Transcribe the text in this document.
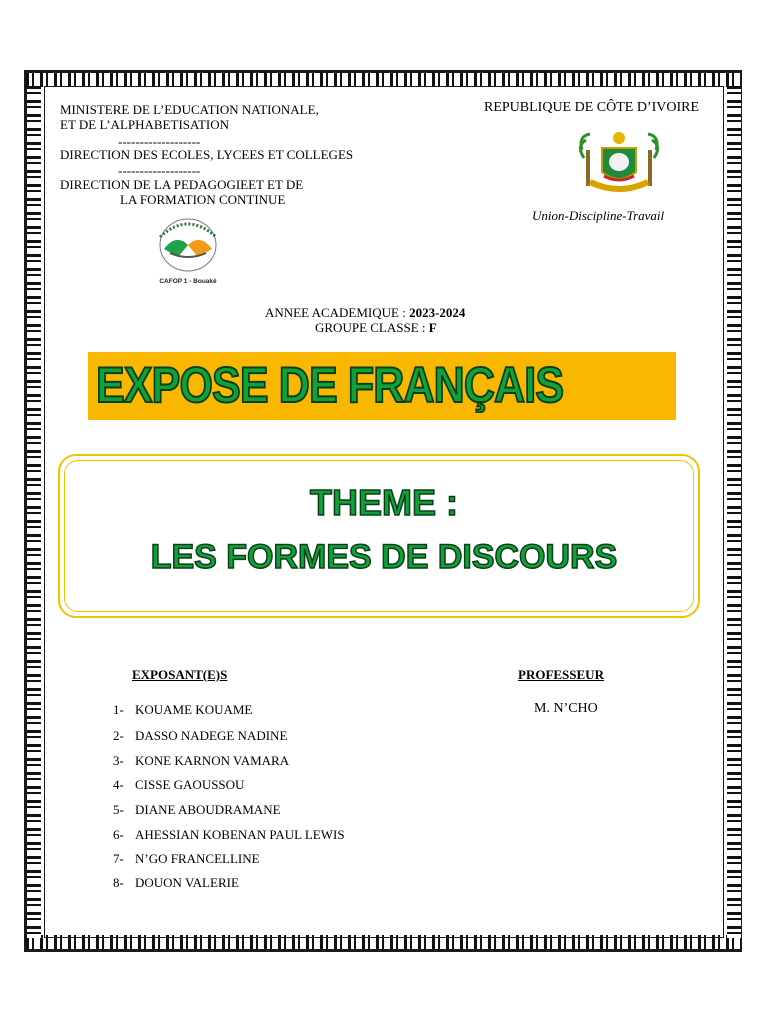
MINISTERE DE L’EDUCATION NATIONALE,
ET DE L’ALPHABETISATION
-------------------
DIRECTION DES ECOLES, LYCEES ET COLLEGES
-------------------
DIRECTION DE LA PEDAGOGIEET ET DE
LA FORMATION CONTINUE
CAFOP 1 - Bouaké
REPUBLIQUE DE CÔTE D’IVOIRE
Union-Discipline-Travail
ANNEE ACADEMIQUE : 2023-2024
GROUPE CLASSE : F
EXPOSE DE FRANÇAIS
THEME :
LES FORMES DE DISCOURS
EXPOSANT(E)S	PROFESSEUR
M. N’CHO
1- KOUAME KOUAME
2- DASSO NADEGE NADINE
3- KONE KARNON VAMARA
4- CISSE GAOUSSOU
5- DIANE ABOUDRAMANE
6- AHESSIAN KOBENAN PAUL LEWIS
7- N’GO FRANCELLINE
8- DOUON VALERIE
